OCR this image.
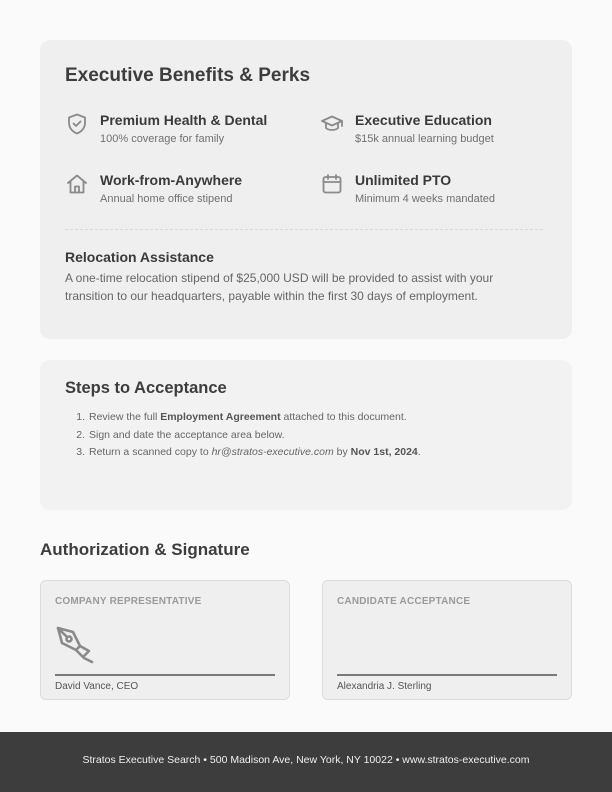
Executive Benefits & Perks
Premium Health & Dental
100% coverage for family
Executive Education
$15k annual learning budget
Work-from-Anywhere
Annual home office stipend
Unlimited PTO
Minimum 4 weeks mandated
Relocation Assistance
A one-time relocation stipend of $25,000 USD will be provided to assist with your transition to our headquarters, payable within the first 30 days of employment.
Steps to Acceptance
1. Review the full Employment Agreement attached to this document.
2. Sign and date the acceptance area below.
3. Return a scanned copy to hr@stratos-executive.com by Nov 1st, 2024.
Authorization & Signature
COMPANY REPRESENTATIVE
David Vance, CEO
CANDIDATE ACCEPTANCE
Alexandria J. Sterling
Stratos Executive Search • 500 Madison Ave, New York, NY 10022 • www.stratos-executive.com
